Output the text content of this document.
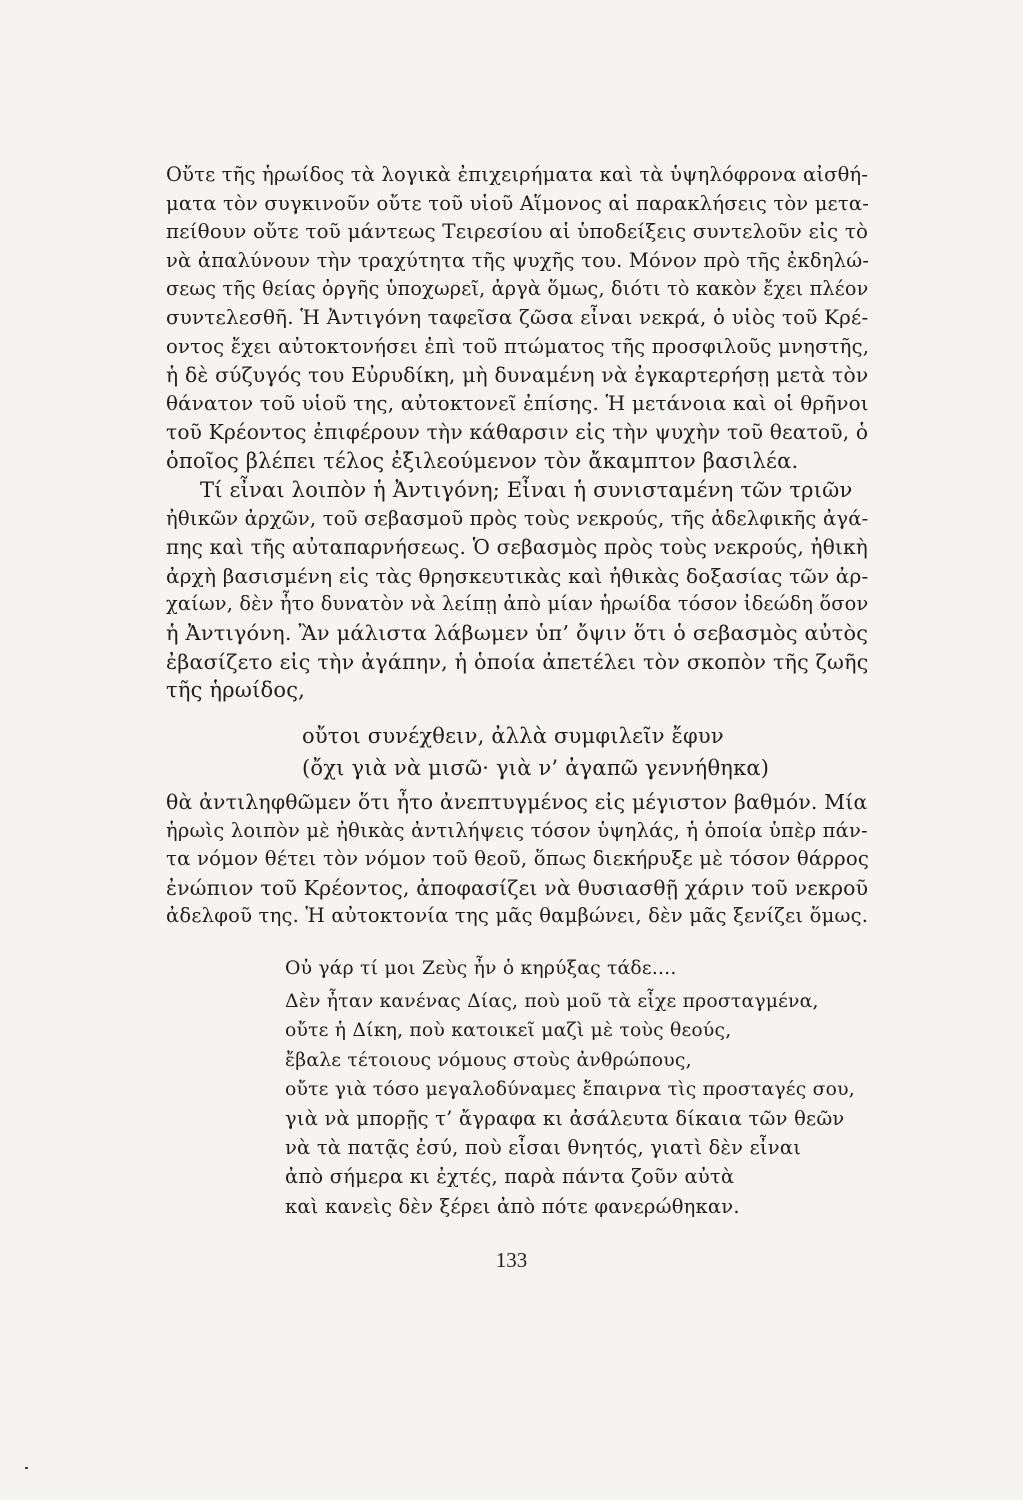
Οὔτε τῆς ἡρωίδος τὰ λογικὰ ἐπιχειρήματα καὶ τὰ ὑψηλόφρονα αἰσθή-
ματα τὸν συγκινοῦν οὔτε τοῦ υἱοῦ Αἵμονος αἱ παρακλήσεις τὸν μετα-
πείθουν οὔτε τοῦ μάντεως Τειρεσίου αἱ ὑποδείξεις συντελοῦν εἰς τὸ
νὰ ἀπαλύνουν τὴν τραχύτητα τῆς ψυχῆς του. Μόνον πρὸ τῆς ἐκδηλώ-
σεως τῆς θείας ὀργῆς ὑποχωρεῖ, ἀργὰ ὅμως, διότι τὸ κακὸν ἔχει πλέον
συντελεσθῆ. Ἡ Ἀντιγόνη ταφεῖσα ζῶσα εἶναι νεκρά, ὁ υἱὸς τοῦ Κρέ-
οντος ἔχει αὐτοκτονήσει ἐπὶ τοῦ πτώματος τῆς προσφιλοῦς μνηστῆς,
ἡ δὲ σύζυγός του Εὐρυδίκη, μὴ δυναμένη νὰ ἐγκαρτερήσῃ μετὰ τὸν
θάνατον τοῦ υἱοῦ της, αὐτοκτονεῖ ἐπίσης. Ἡ μετάνοια καὶ οἱ θρῆνοι
τοῦ Κρέοντος ἐπιφέρουν τὴν κάθαρσιν εἰς τὴν ψυχὴν τοῦ θεατοῦ, ὁ
ὁποῖος βλέπει τέλος ἐξιλεούμενον τὸν ἄκαμπτον βασιλέα.
Τί εἶναι λοιπὸν ἡ Ἀντιγόνη; Εἶναι ἡ συνισταμένη τῶν τριῶν
ἠθικῶν ἀρχῶν, τοῦ σεβασμοῦ πρὸς τοὺς νεκρούς, τῆς ἀδελφικῆς ἀγά-
πης καὶ τῆς αὐταπαρνήσεως. Ὁ σεβασμὸς πρὸς τοὺς νεκρούς, ἠθικὴ
ἀρχὴ βασισμένη εἰς τὰς θρησκευτικὰς καὶ ἠθικὰς δοξασίας τῶν ἀρ-
χαίων, δὲν ἦτο δυνατὸν νὰ λείπῃ ἀπὸ μίαν ἡρωίδα τόσον ἰδεώδη ὅσον
ἡ Ἀντιγόνη. Ἂν μάλιστα λάβωμεν ὑπ’ ὄψιν ὅτι ὁ σεβασμὸς αὐτὸς
ἐβασίζετο εἰς τὴν ἀγάπην, ἡ ὁποία ἀπετέλει τὸν σκοπὸν τῆς ζωῆς
τῆς ἡρωίδος,
οὔτοι συνέχθειν, ἀλλὰ συμφιλεῖν ἔφυν
(ὄχι γιὰ νὰ μισῶ· γιὰ ν’ ἀγαπῶ γεννήθηκα)
θὰ ἀντιληφθῶμεν ὅτι ἦτο ἀνεπτυγμένος εἰς μέγιστον βαθμόν. Μία
ἡρωὶς λοιπὸν μὲ ἠθικὰς ἀντιλήψεις τόσον ὑψηλάς, ἡ ὁποία ὑπὲρ πάν-
τα νόμον θέτει τὸν νόμον τοῦ θεοῦ, ὅπως διεκήρυξε μὲ τόσον θάρρος
ἐνώπιον τοῦ Κρέοντος, ἀποφασίζει νὰ θυσιασθῇ χάριν τοῦ νεκροῦ
ἀδελφοῦ της. Ἡ αὐτοκτονία της μᾶς θαμβώνει, δὲν μᾶς ξενίζει ὅμως.
Οὐ γάρ τί μοι Ζεὺς ἦν ὁ κηρύξας τάδε....
Δὲν ἦταν κανένας Δίας, ποὺ μοῦ τὰ εἶχε προσταγμένα,
οὔτε ἡ Δίκη, ποὺ κατοικεῖ μαζὶ μὲ τοὺς θεούς,
ἔβαλε τέτοιους νόμους στοὺς ἀνθρώπους,
οὔτε γιὰ τόσο μεγαλοδύναμες ἔπαιρνα τὶς προσταγές σου,
γιὰ νὰ μπορῇς τ’ ἄγραφα κι ἀσάλευτα δίκαια τῶν θεῶν
νὰ τὰ πατᾷς ἐσύ, ποὺ εἶσαι θνητός, γιατὶ δὲν εἶναι
ἀπὸ σήμερα κι ἐχτές, παρὰ πάντα ζοῦν αὐτὰ
καὶ κανεὶς δὲν ξέρει ἀπὸ πότε φανερώθηκαν.
133
